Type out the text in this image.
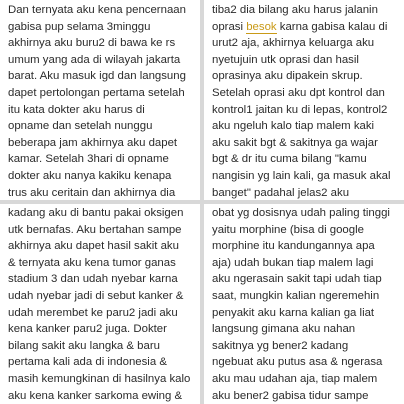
Dan ternyata aku kena pencernaan
gabisa pup selama 3minggu
akhirnya aku buru2 di bawa ke rs
umum yang ada di wilayah jakarta
barat. Aku masuk igd dan langsung
dapet pertolongan pertama setelah
itu kata dokter aku harus di
opname dan setelah nunggu
beberapa jam akhirnya aku dapet
kamar. Setelah 3hari di opname
dokter aku nanya kakiku kenapa
trus aku ceritain dan akhirnya dia
tiba2 dia bilang aku harus jalanin
oprasi besok karna gabisa kalau di
urut2 aja, akhirnya keluarga aku
nyetujuin utk oprasi dan hasil
oprasinya aku dipakein skrup.
Setelah oprasi aku dpt kontrol dan
kontrol1 jaitan ku di lepas, kontrol2
aku ngeluh kalo tiap malem kaki
aku sakit bgt & sakitnya ga wajar
bgt & dr itu cuma bilang "kamu
nangisin yg lain kali, ga masuk akal
banget" padahal jelas2 aku
kadang aku di bantu pakai oksigen
utk bernafas. Aku bertahan sampe
akhirnya aku dapet hasil sakit aku
& ternyata aku kena tumor ganas
stadium 3 dan udah nyebar karna
udah nyebar jadi di sebut kanker &
udah merembet ke paru2 jadi aku
kena kanker paru2 juga. Dokter
bilang sakit aku langka & baru
pertama kali ada di indonesia &
masih kemungkinan di hasilnya kalo
aku kena kanker sarkoma ewing &
obat yg dosisnya udah paling tinggi
yaitu morphine (bisa di google
morphine itu kandungannya apa
aja) udah bukan tiap malem lagi
aku ngerasain sakit tapi udah tiap
saat, mungkin kalian ngeremehin
penyakit aku karna kalian ga liat
langsung gimana aku nahan
sakitnya yg bener2 kadang
ngebuat aku putus asa & ngerasa
aku mau udahan aja, tiap malem
aku bener2 gabisa tidur sampe
